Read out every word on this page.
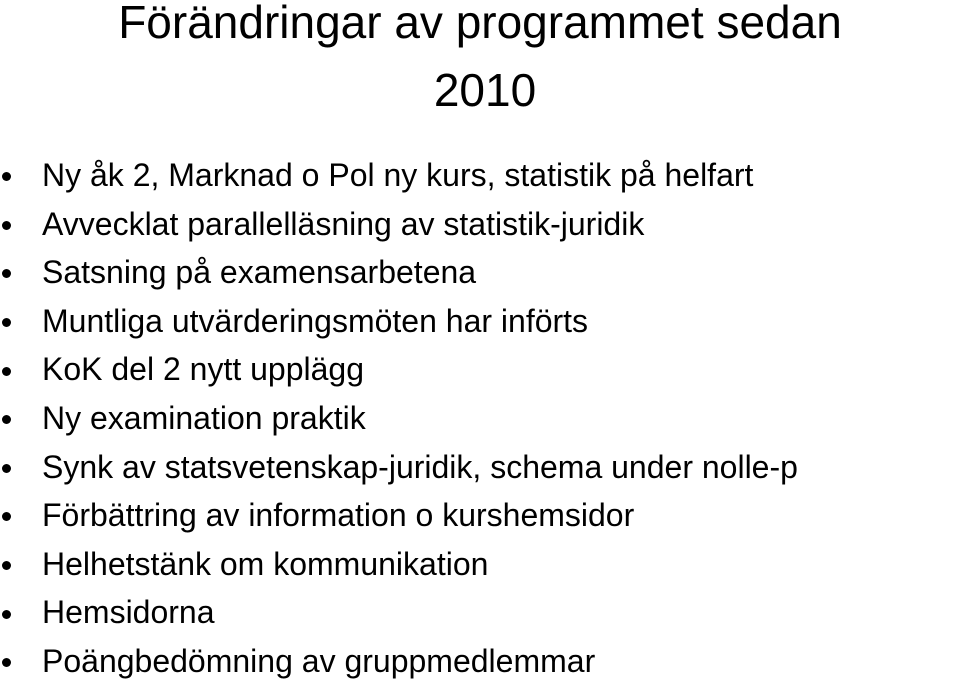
Förändringar av programmet sedan
2010
Ny åk 2, Marknad o Pol ny kurs, statistik på helfart
Avvecklat parallelläsning av statistik-juridik
Satsning på examensarbetena
Muntliga utvärderingsmöten har införts
KoK del 2 nytt upplägg
Ny examination praktik
Synk av statsvetenskap-juridik, schema under nolle-p
Förbättring av information o kurshemsidor
Helhetstänk om kommunikation
Hemsidorna
Poängbedömning av gruppmedlemmar
